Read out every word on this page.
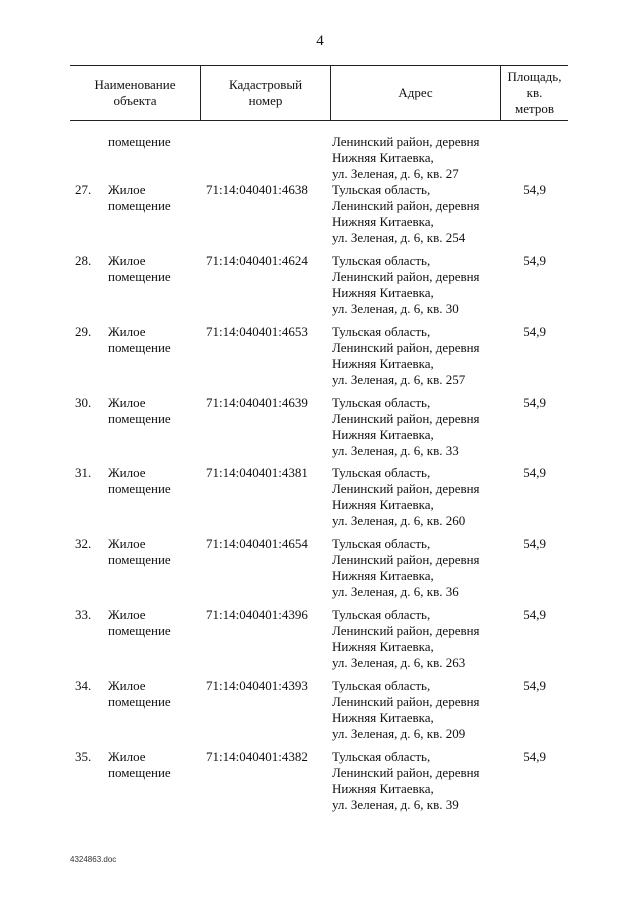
4
Наименование
объекта
Кадастровый
номер
Адрес
Площадь,
кв.
метров
помещение	Ленинский район, деревня
Нижняя Китаевка,
ул. Зеленая, д. 6, кв. 27
27. Жилое
помещение
71:14:040401:4638 Тульская область,
Ленинский район, деревня
Нижняя Китаевка,
ул. Зеленая, д. 6, кв. 254
54,9
28. Жилое
помещение
71:14:040401:4624 Тульская область,
Ленинский район, деревня
Нижняя Китаевка,
ул. Зеленая, д. 6, кв. 30
54,9
29. Жилое
помещение
71:14:040401:4653 Тульская область,
Ленинский район, деревня
Нижняя Китаевка,
ул. Зеленая, д. 6, кв. 257
54,9
30. Жилое
помещение
71:14:040401:4639 Тульская область,
Ленинский район, деревня
Нижняя Китаевка,
ул. Зеленая, д. 6, кв. 33
54,9
31. Жилое
помещение
71:14:040401:4381 Тульская область,
Ленинский район, деревня
Нижняя Китаевка,
ул. Зеленая, д. 6, кв. 260
54,9
32. Жилое
помещение
71:14:040401:4654 Тульская область,
Ленинский район, деревня
Нижняя Китаевка,
ул. Зеленая, д. 6, кв. 36
54,9
33. Жилое
помещение
71:14:040401:4396 Тульская область,
Ленинский район, деревня
Нижняя Китаевка,
ул. Зеленая, д. 6, кв. 263
54,9
34. Жилое
помещение
71:14:040401:4393 Тульская область,
Ленинский район, деревня
Нижняя Китаевка,
ул. Зеленая, д. 6, кв. 209
54,9
35. Жилое
помещение
71:14:040401:4382 Тульская область,
Ленинский район, деревня
Нижняя Китаевка,
ул. Зеленая, д. 6, кв. 39
54,9
4324863.doc
